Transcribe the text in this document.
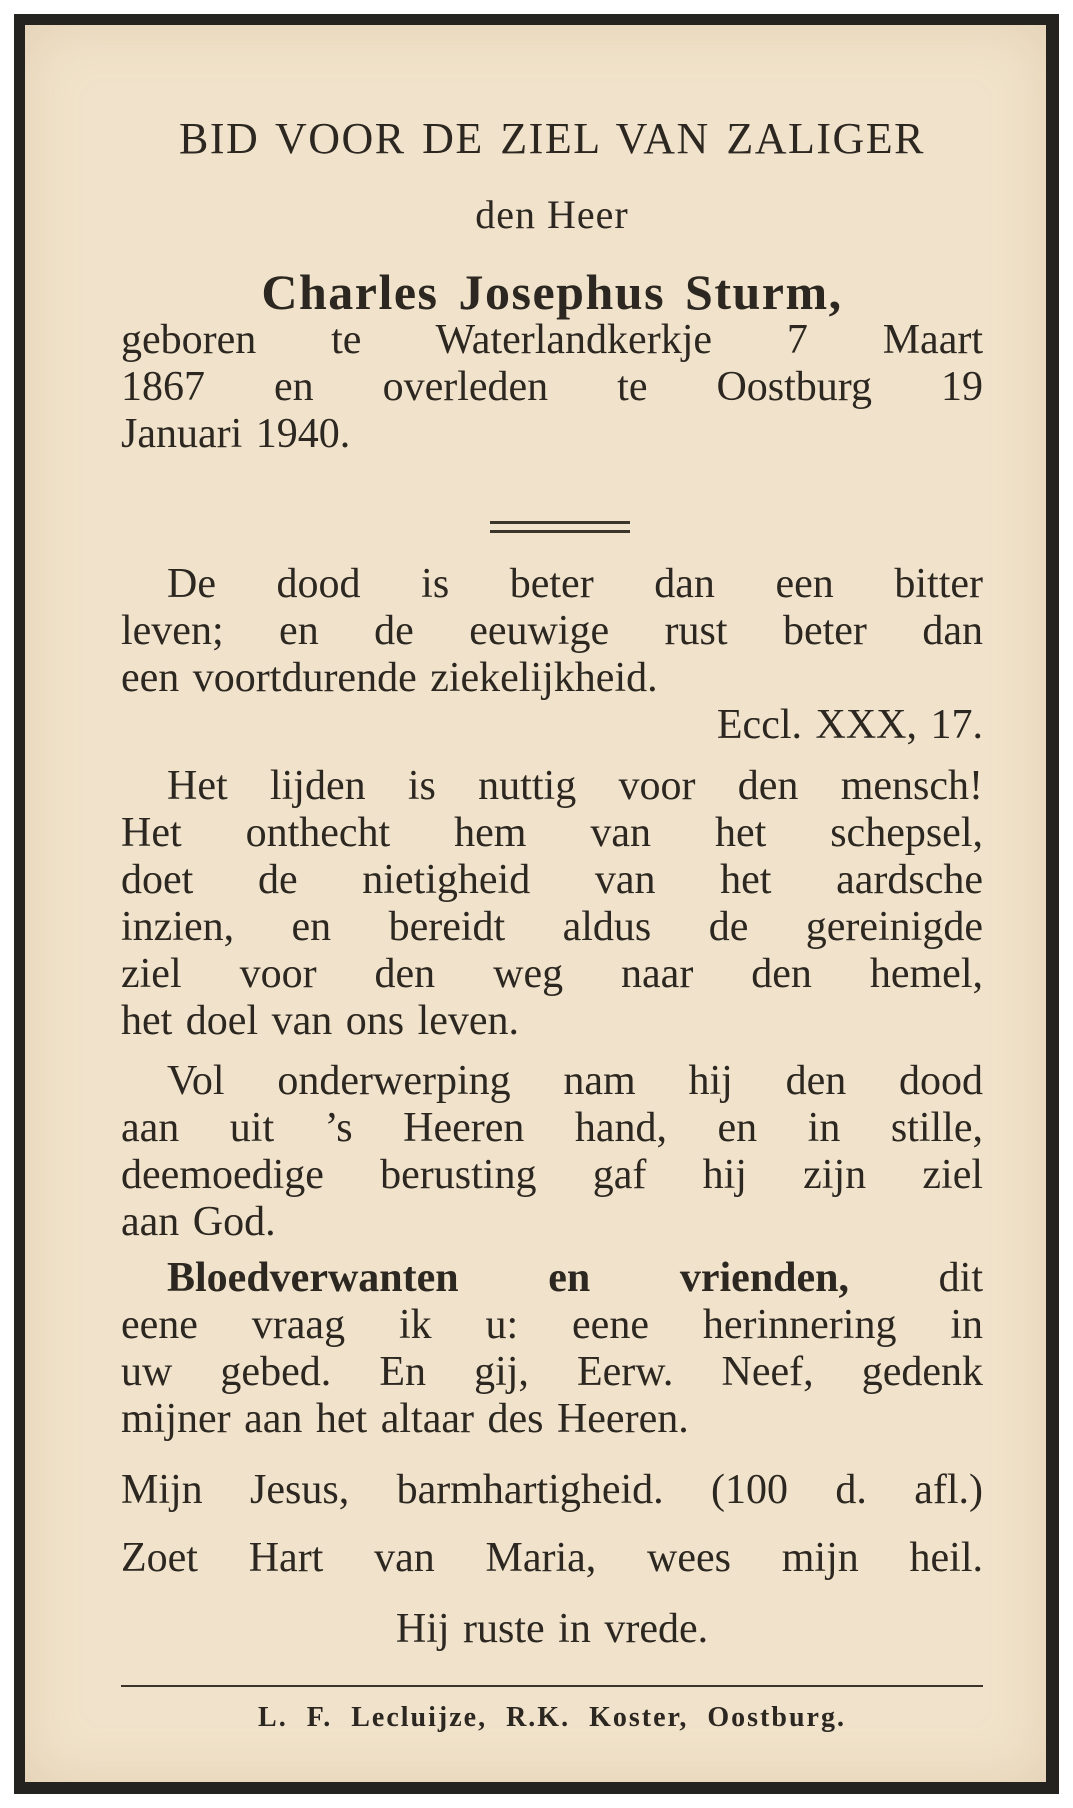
BID VOOR DE ZIEL VAN ZALIGER
den Heer
Charles Josephus Sturm,
geboren te Waterlandkerkje 7 Maart
1867 en overleden te Oostburg 19
Januari 1940.
De dood is beter dan een bitter
leven; en de eeuwige rust beter dan
een voortdurende ziekelijkheid.
Eccl. XXX, 17.
Het lijden is nuttig voor den mensch!
Het onthecht hem van het schepsel,
doet de nietigheid van het aardsche
inzien, en bereidt aldus de gereinigde
ziel voor den weg naar den hemel,
het doel van ons leven.
Vol onderwerping nam hij den dood
aan uit ’s Heeren hand, en in stille,
deemoedige berusting gaf hij zijn ziel
aan God.
Bloedverwanten en vrienden, dit
eene vraag ik u: eene herinnering in
uw gebed. En gij, Eerw. Neef, gedenk
mijner aan het altaar des Heeren.
Mijn Jesus, barmhartigheid. (100 d. afl.)
Zoet Hart van Maria, wees mijn heil.
Hij ruste in vrede.
L. F. Lecluijze, R.K. Koster, Oostburg.
